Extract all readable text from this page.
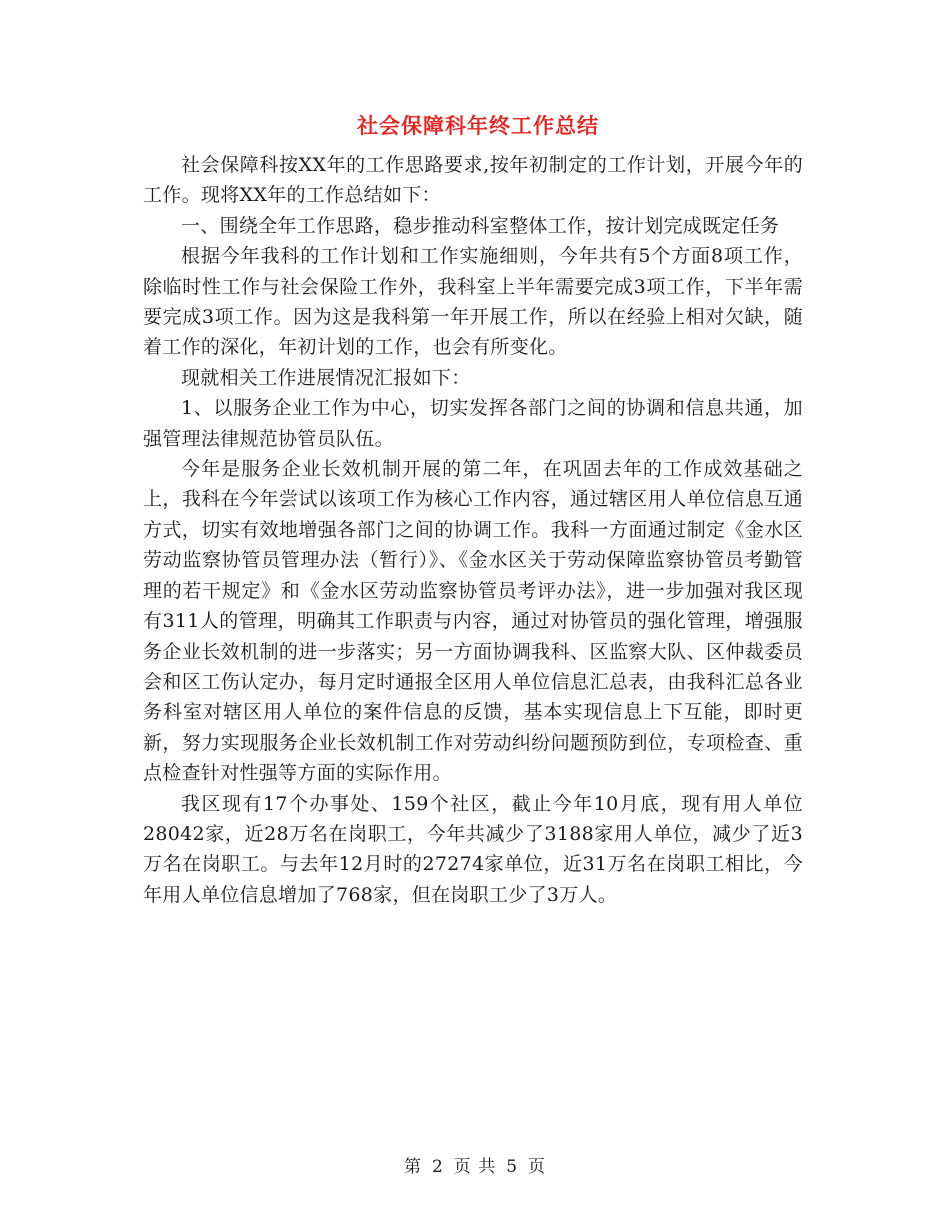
社会保障科年终工作总结

社会保障科按XX年的工作思路要求,按年初制定的工作计划，开展今年的工作。现将XX年的工作总结如下：

一、围绕全年工作思路，稳步推动科室整体工作，按计划完成既定任务

根据今年我科的工作计划和工作实施细则，今年共有5个方面8项工作，除临时性工作与社会保险工作外，我科室上半年需要完成3项工作，下半年需要完成3项工作。因为这是我科第一年开展工作，所以在经验上相对欠缺，随着工作的深化，年初计划的工作，也会有所变化。

现就相关工作进展情况汇报如下：

1、以服务企业工作为中心，切实发挥各部门之间的协调和信息共通，加强管理法律规范协管员队伍。

今年是服务企业长效机制开展的第二年，在巩固去年的工作成效基础之上，我科在今年尝试以该项工作为核心工作内容，通过辖区用人单位信息互通方式，切实有效地增强各部门之间的协调工作。我科一方面通过制定《金水区劳动监察协管员管理办法（暂行）》、《金水区关于劳动保障监察协管员考勤管理的若干规定》和《金水区劳动监察协管员考评办法》，进一步加强对我区现有311人的管理，明确其工作职责与内容，通过对协管员的强化管理，增强服务企业长效机制的进一步落实；另一方面协调我科、区监察大队、区仲裁委员会和区工伤认定办，每月定时通报全区用人单位信息汇总表，由我科汇总各业务科室对辖区用人单位的案件信息的反馈，基本实现信息上下互能，即时更新，努力实现服务企业长效机制工作对劳动纠纷问题预防到位，专项检查、重点检查针对性强等方面的实际作用。

我区现有17个办事处、159个社区，截止今年10月底，现有用人单位28042家，近28万名在岗职工，今年共减少了3188家用人单位，减少了近3万名在岗职工。与去年12月时的27274家单位，近31万名在岗职工相比，今年用人单位信息增加了768家，但在岗职工少了3万人。

第 2 页 共 5 页
